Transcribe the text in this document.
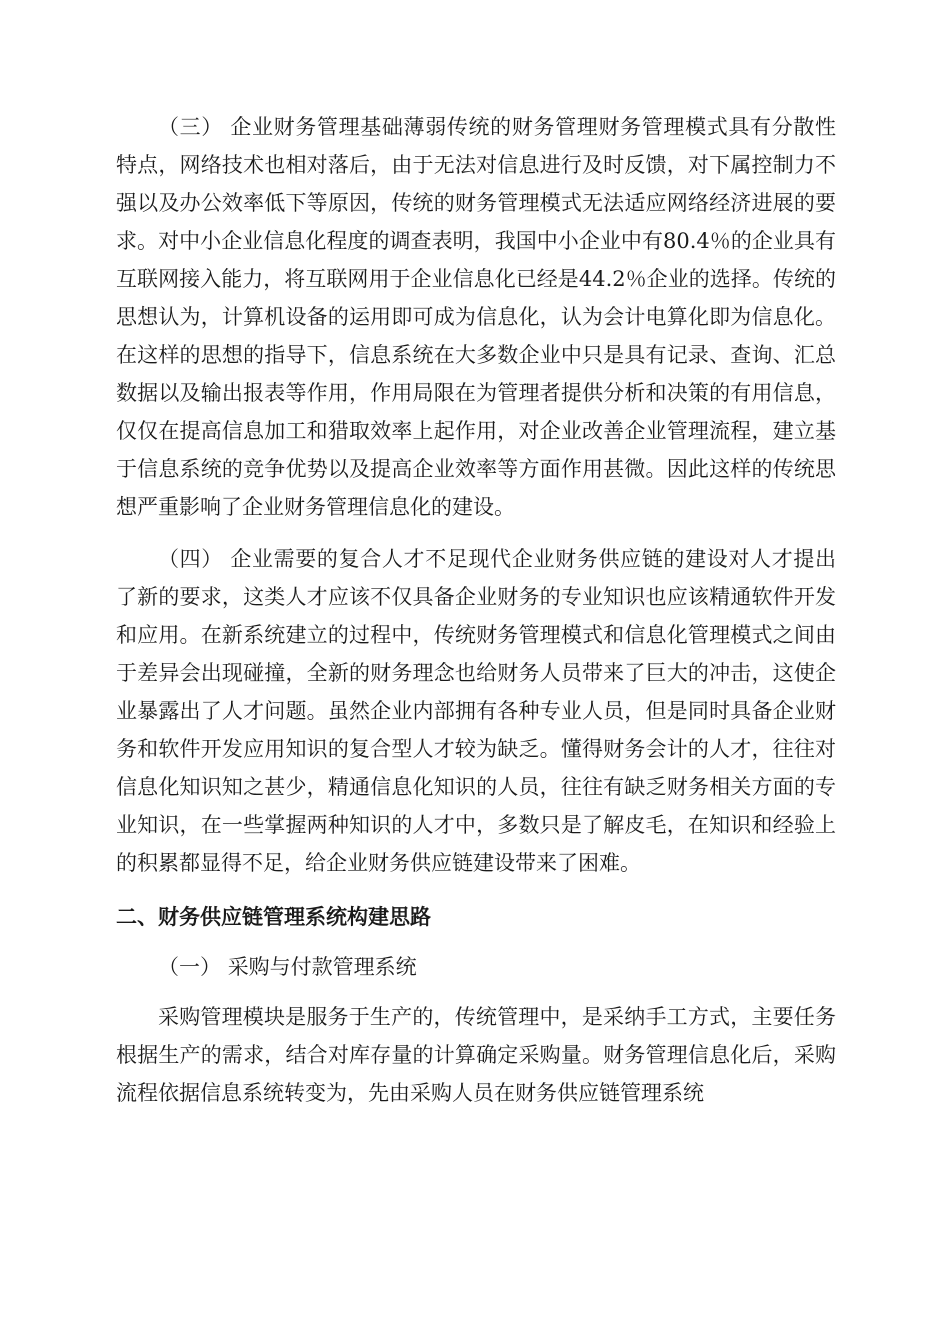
（三） 企业财务管理基础薄弱传统的财务管理财务管理模式具有分散性特点，网络技术也相对落后，由于无法对信息进行及时反馈，对下属控制力不强以及办公效率低下等原因，传统的财务管理模式无法适应网络经济进展的要求。对中小企业信息化程度的调查表明，我国中小企业中有80.4％的企业具有互联网接入能力，将互联网用于企业信息化已经是44.2％企业的选择。传统的思想认为，计算机设备的运用即可成为信息化，认为会计电算化即为信息化。在这样的思想的指导下，信息系统在大多数企业中只是具有记录、查询、汇总数据以及输出报表等作用，作用局限在为管理者提供分析和决策的有用信息，仅仅在提高信息加工和猎取效率上起作用，对企业改善企业管理流程，建立基于信息系统的竞争优势以及提高企业效率等方面作用甚微。因此这样的传统思想严重影响了企业财务管理信息化的建设。

（四） 企业需要的复合人才不足现代企业财务供应链的建设对人才提出了新的要求，这类人才应该不仅具备企业财务的专业知识也应该精通软件开发和应用。在新系统建立的过程中，传统财务管理模式和信息化管理模式之间由于差异会出现碰撞，全新的财务理念也给财务人员带来了巨大的冲击，这使企业暴露出了人才问题。虽然企业内部拥有各种专业人员，但是同时具备企业财务和软件开发应用知识的复合型人才较为缺乏。懂得财务会计的人才，往往对信息化知识知之甚少，精通信息化知识的人员，往往有缺乏财务相关方面的专业知识，在一些掌握两种知识的人才中，多数只是了解皮毛，在知识和经验上的积累都显得不足，给企业财务供应链建设带来了困难。

二、财务供应链管理系统构建思路

（一） 采购与付款管理系统

采购管理模块是服务于生产的，传统管理中，是采纳手工方式，主要任务根据生产的需求，结合对库存量的计算确定采购量。财务管理信息化后，采购流程依据信息系统转变为，先由采购人员在财务供应链管理系统
